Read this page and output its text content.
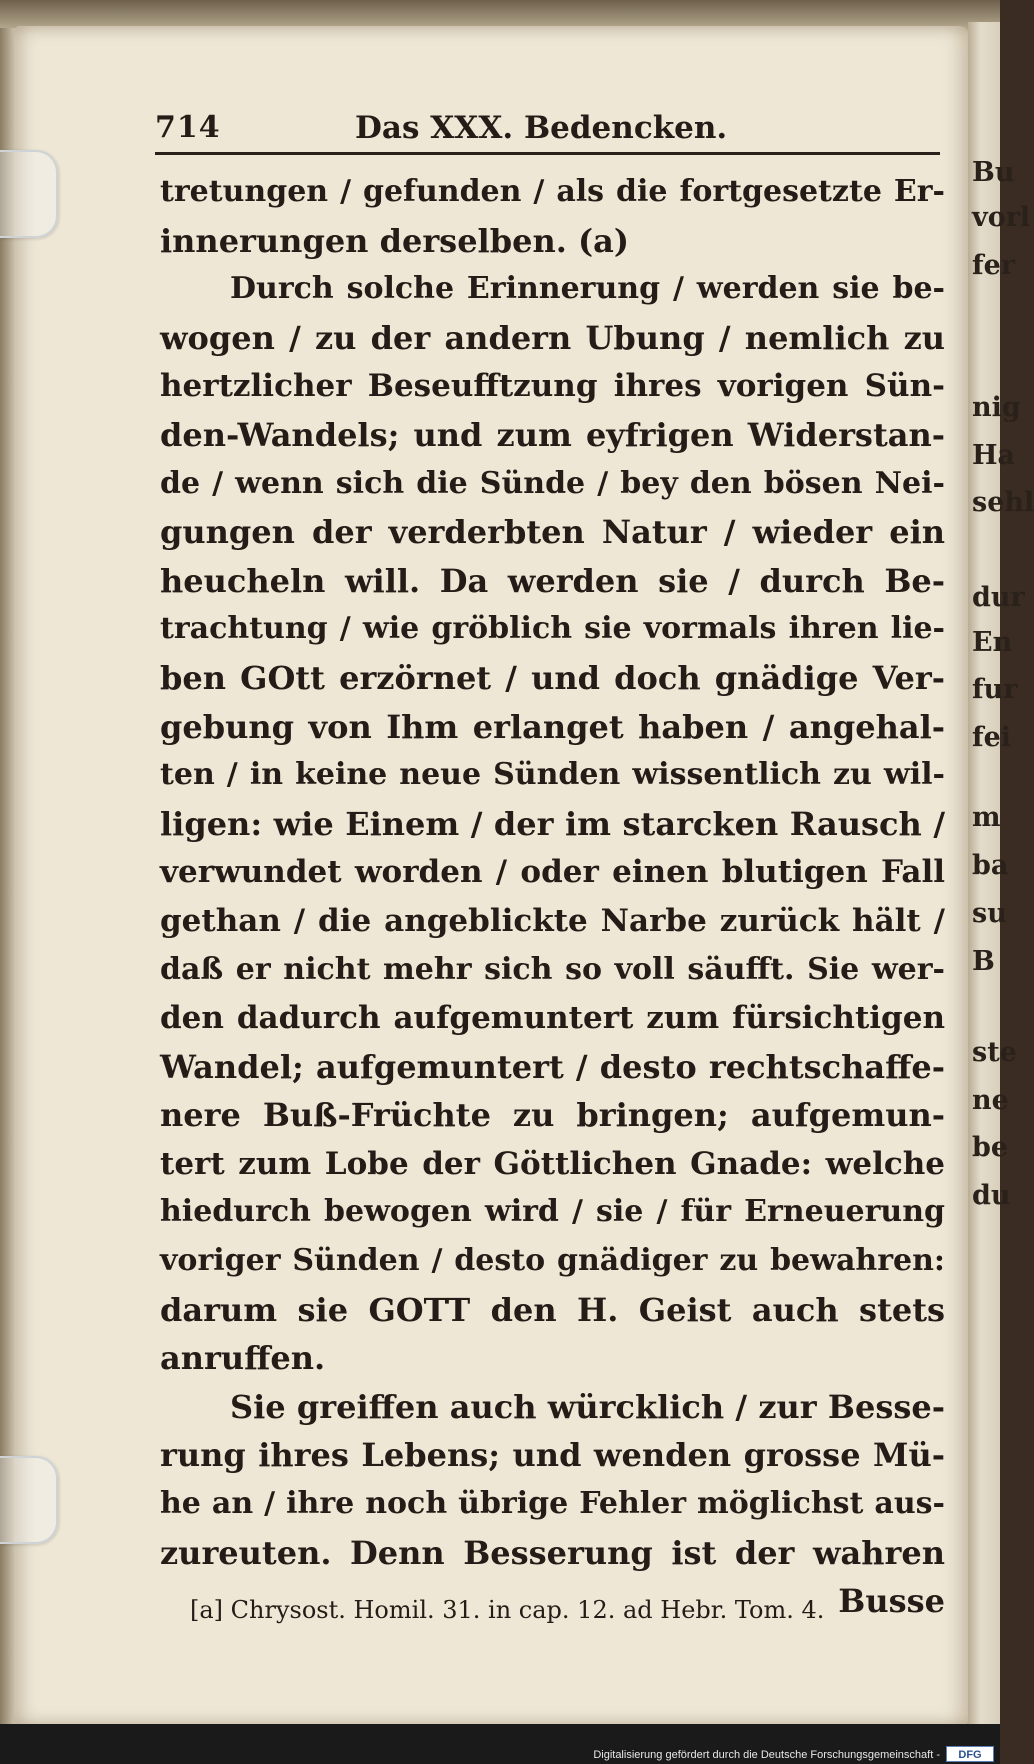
Bu
vorl
fer
nig
Ha
sehl
dur
En
fur
fei
m
ba
su
B
ste
ne
be
du
714	Das XXX. Bedencken.
tretungen / gefunden / als die fortgesetzte Er-
innerungen derselben. (a)
Durch solche Erinnerung / werden sie be-
wogen / zu der andern Ubung / nemlich zu
hertzlicher Beseufftzung ihres vorigen Sün-
den-Wandels; und zum eyfrigen Widerstan-
de / wenn sich die Sünde / bey den bösen Nei-
gungen der verderbten Natur / wieder ein
heucheln will. Da werden sie / durch Be-
trachtung / wie gröblich sie vormals ihren lie-
ben GOtt erzörnet / und doch gnädige Ver-
gebung von Ihm erlanget haben / angehal-
ten / in keine neue Sünden wissentlich zu wil-
ligen: wie Einem / der im starcken Rausch /
verwundet worden / oder einen blutigen Fall
gethan / die angeblickte Narbe zurück hält /
daß er nicht mehr sich so voll säufft. Sie wer-
den dadurch aufgemuntert zum fürsichtigen
Wandel; aufgemuntert / desto rechtschaffe-
nere Buß-Früchte zu bringen; aufgemun-
tert zum Lobe der Göttlichen Gnade: welche
hiedurch bewogen wird / sie / für Erneuerung
voriger Sünden / desto gnädiger zu bewahren:
darum sie GOTT den H. Geist auch stets
anruffen.
Sie greiffen auch würcklich / zur Besse-
rung ihres Lebens; und wenden grosse Mü-
he an / ihre noch übrige Fehler möglichst aus-
zureuten. Denn Besserung ist der wahren
Busse
[a] Chrysost. Homil. 31. in cap. 12. ad Hebr. Tom. 4.
Digitalisierung gefördert durch die Deutsche Forschungsgemeinschaft -	DFG
